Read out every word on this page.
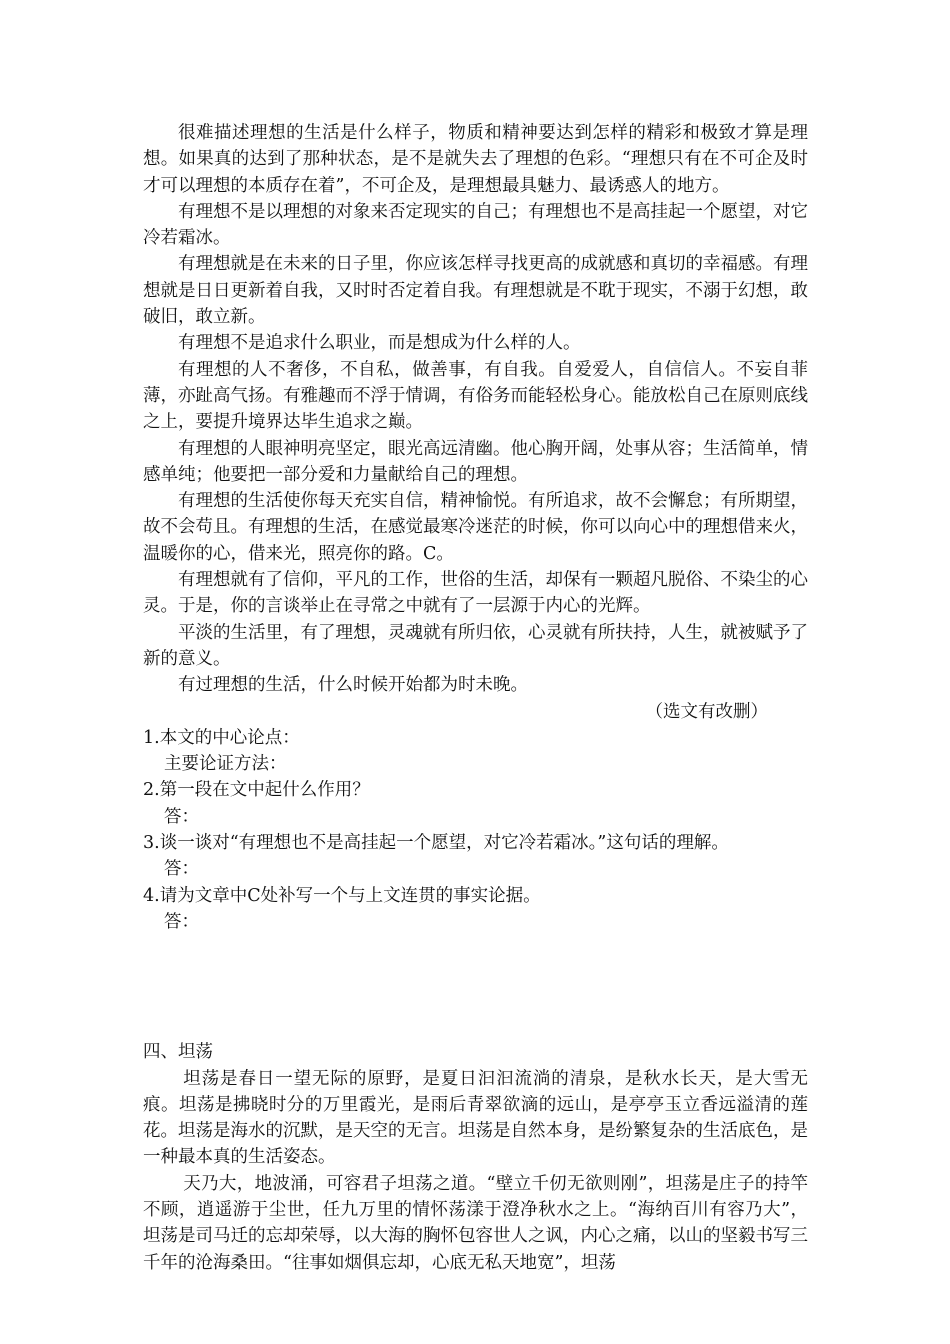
很难描述理想的生活是什么样子，物质和精神要达到怎样的精彩和极致才算是理想。如果真的达到了那种状态，是不是就失去了理想的色彩。“理想只有在不可企及时才可以理想的本质存在着”，不可企及，是理想最具魅力、最诱惑人的地方。

有理想不是以理想的对象来否定现实的自己；有理想也不是高挂起一个愿望，对它冷若霜冰。

有理想就是在未来的日子里，你应该怎样寻找更高的成就感和真切的幸福感。有理想就是日日更新着自我，又时时否定着自我。有理想就是不耽于现实，不溺于幻想，敢破旧，敢立新。

有理想不是追求什么职业，而是想成为什么样的人。

有理想的人不奢侈，不自私，做善事，有自我。自爱爱人，自信信人。不妄自菲薄，亦趾高气扬。有雅趣而不浮于情调，有俗务而能轻松身心。能放松自己在原则底线之上，要提升境界达毕生追求之巅。

有理想的人眼神明亮坚定，眼光高远清幽。他心胸开阔，处事从容；生活简单，情感单纯；他要把一部分爱和力量献给自己的理想。

有理想的生活使你每天充实自信，精神愉悦。有所追求，故不会懈怠；有所期望，故不会苟且。有理想的生活，在感觉最寒冷迷茫的时候，你可以向心中的理想借来火，温暖你的心，借来光，照亮你的路。C。

有理想就有了信仰，平凡的工作，世俗的生活，却保有一颗超凡脱俗、不染尘的心灵。于是，你的言谈举止在寻常之中就有了一层源于内心的光辉。

平淡的生活里，有了理想，灵魂就有所归依，心灵就有所扶持，人生，就被赋予了新的意义。

有过理想的生活，什么时候开始都为时未晚。

（选文有改删）

1.本文的中心论点：

主要论证方法：

2.第一段在文中起什么作用？

答：

3.谈一谈对“有理想也不是高挂起一个愿望，对它冷若霜冰。”这句话的理解。

答：

4.请为文章中C处补写一个与上文连贯的事实论据。

答：

四、坦荡

坦荡是春日一望无际的原野，是夏日汩汩流淌的清泉，是秋水长天，是大雪无痕。坦荡是拂晓时分的万里霞光，是雨后青翠欲滴的远山，是亭亭玉立香远溢清的莲花。坦荡是海水的沉默，是天空的无言。坦荡是自然本身，是纷繁复杂的生活底色，是一种最本真的生活姿态。

天乃大，地波涌，可容君子坦荡之道。“壁立千仞无欲则刚”，坦荡是庄子的持竿不顾，逍遥游于尘世，任九万里的情怀荡漾于澄净秋水之上。“海纳百川有容乃大”，坦荡是司马迁的忘却荣辱，以大海的胸怀包容世人之讽，内心之痛，以山的坚毅书写三千年的沧海桑田。“往事如烟俱忘却，心底无私天地宽”，坦荡
